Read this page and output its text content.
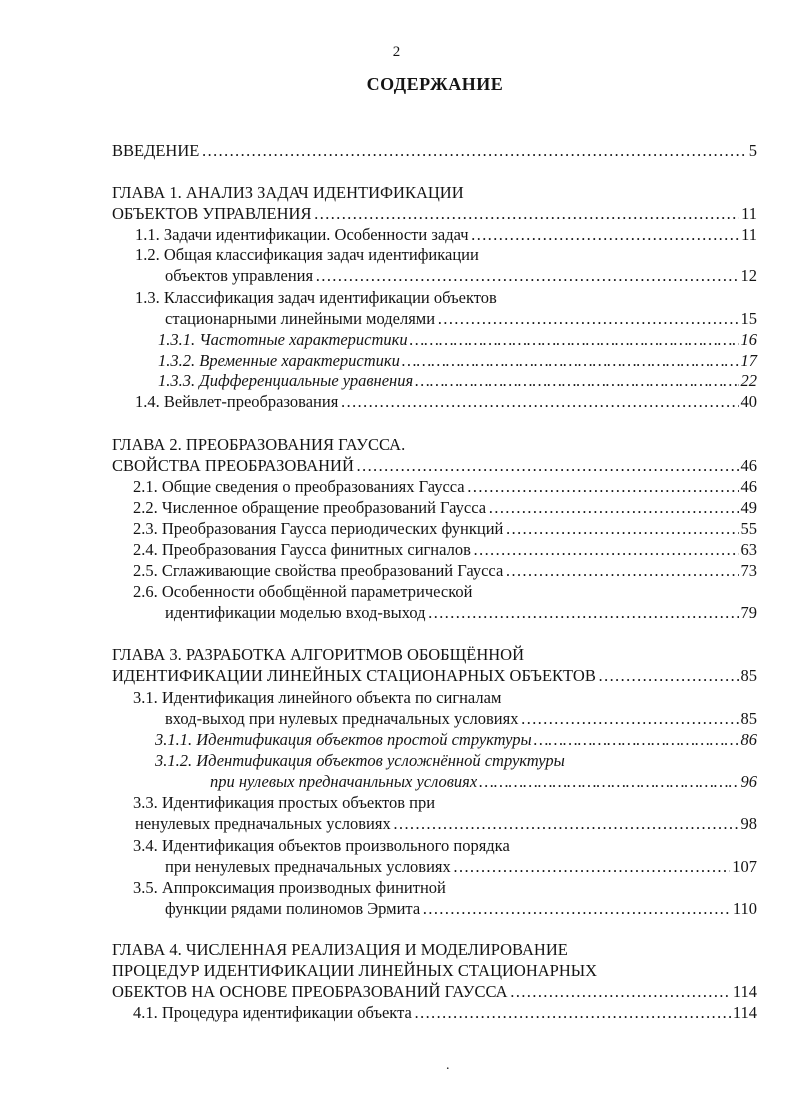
2
СОДЕРЖАНИЕ
ВВЕДЕНИЕ ……………………………………………………………………………………………………………………………………………………………………………………	5
ГЛАВА 1. АНАЛИЗ ЗАДАЧ ИДЕНТИФИКАЦИИ
ОБЪЕКТОВ УПРАВЛЕНИЯ ……………………………………………………………………………………………………………………………………………………………………………………	11
1.1. Задачи идентификации. Особенности задач ……………………………………………………………………………………………………………………………………………………………………………………	11
1.2. Общая классификация задач идентификации
объектов управления ……………………………………………………………………………………………………………………………………………………………………………………	12
1.3. Классификация задач идентификации объектов
стационарными линейными моделями ……………………………………………………………………………………………………………………………………………………………………………………	15
1.3.1. Частотные характеристики ……………………………………………………………………………………………………………………………………………………………………………………	16
1.3.2. Временные характеристики ……………………………………………………………………………………………………………………………………………………………………………………	17
1.3.3. Дифференциальные уравнения ……………………………………………………………………………………………………………………………………………………………………………………	22
1.4. Вейвлет-преобразования ……………………………………………………………………………………………………………………………………………………………………………………	40
ГЛАВА 2. ПРЕОБРАЗОВАНИЯ ГАУССА.
СВОЙСТВА ПРЕОБРАЗОВАНИЙ ……………………………………………………………………………………………………………………………………………………………………………………	46
2.1. Общие сведения о преобразованиях Гаусса ……………………………………………………………………………………………………………………………………………………………………………………	46
2.2. Численное обращение преобразований Гаусса ……………………………………………………………………………………………………………………………………………………………………………………	49
2.3. Преобразования Гаусса периодических функций ……………………………………………………………………………………………………………………………………………………………………………………	55
2.4. Преобразования Гаусса финитных сигналов ……………………………………………………………………………………………………………………………………………………………………………………	63
2.5. Сглаживающие свойства преобразований Гаусса ……………………………………………………………………………………………………………………………………………………………………………………	73
2.6. Особенности обобщённой параметрической
идентификации моделью вход-выход ……………………………………………………………………………………………………………………………………………………………………………………	79
ГЛАВА 3. РАЗРАБОТКА АЛГОРИТМОВ ОБОБЩЁННОЙ
ИДЕНТИФИКАЦИИ ЛИНЕЙНЫХ СТАЦИОНАРНЫХ ОБЪЕКТОВ ……………………………………………………………………………………………………………………………………………………………………………………	85
3.1. Идентификация линейного объекта по сигналам
вход-выход при нулевых предначальных условиях ……………………………………………………………………………………………………………………………………………………………………………………	85
3.1.1. Идентификация объектов простой структуры ……………………………………………………………………………………………………………………………………………………………………………………	86
3.1.2. Идентификация объектов усложнённой структуры
при нулевых предначанльных условиях ……………………………………………………………………………………………………………………………………………………………………………………	96
3.3. Идентификация простых объектов при
ненулевых предначальных условиях ……………………………………………………………………………………………………………………………………………………………………………………	98
3.4. Идентификация объектов произвольного порядка
при ненулевых предначальных условиях ……………………………………………………………………………………………………………………………………………………………………………………	107
3.5. Аппроксимация производных финитной
функции рядами полиномов Эрмита ……………………………………………………………………………………………………………………………………………………………………………………	110
ГЛАВА 4. ЧИСЛЕННАЯ РЕАЛИЗАЦИЯ И МОДЕЛИРОВАНИЕ
ПРОЦЕДУР ИДЕНТИФИКАЦИИ ЛИНЕЙНЫХ СТАЦИОНАРНЫХ
ОБЕКТОВ НА ОСНОВЕ ПРЕОБРАЗОВАНИЙ ГАУССА ……………………………………………………………………………………………………………………………………………………………………………………	114
4.1. Процедура идентификации объекта ……………………………………………………………………………………………………………………………………………………………………………………	114
.
